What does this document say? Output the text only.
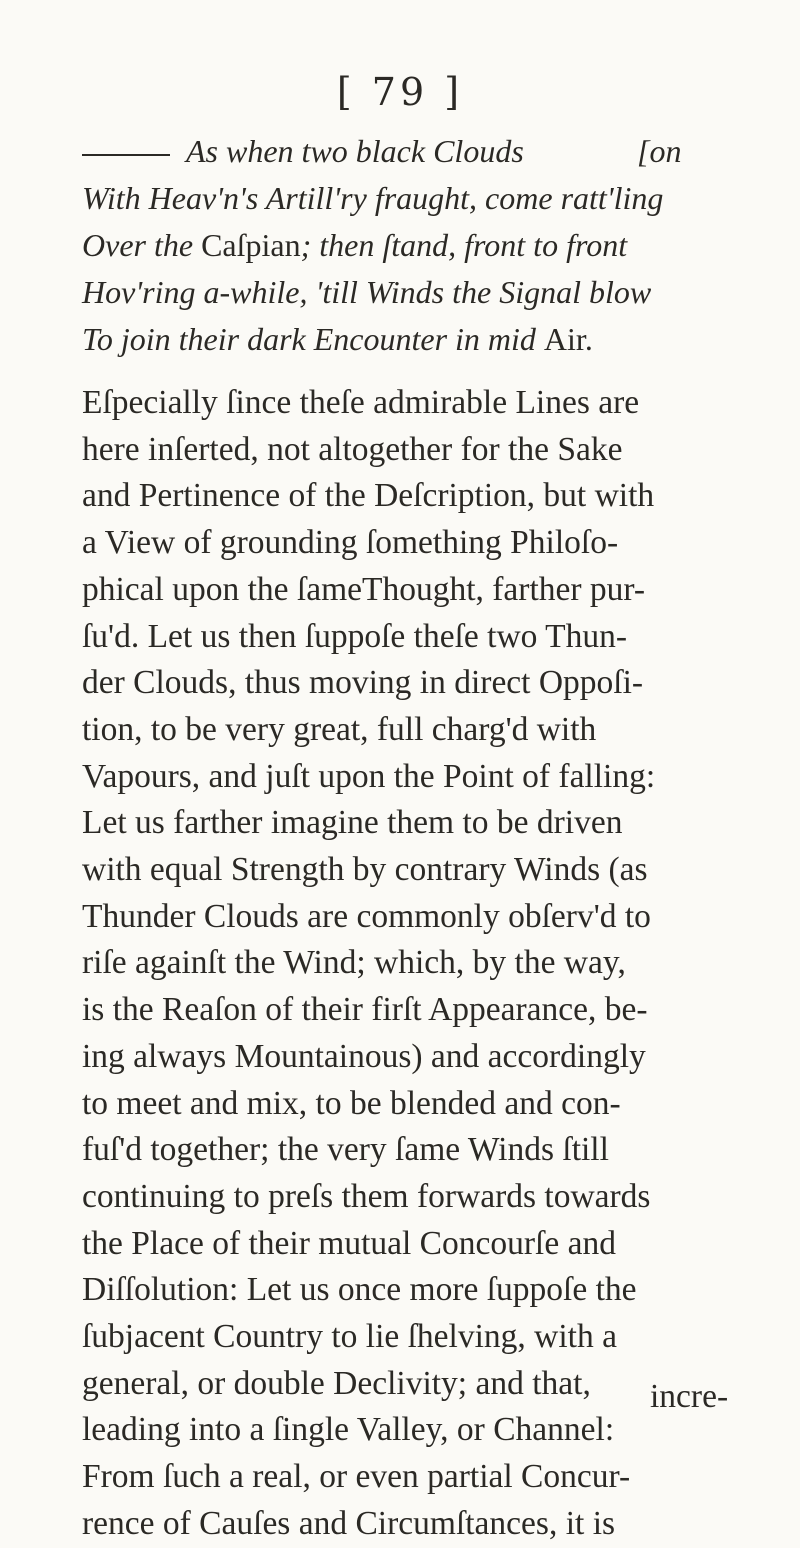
[ 79 ]
As when two black Clouds	[on
With Heav'n's Artill'ry fraught, come ratt'ling
Over the Caſpian; then ſtand, front to front
Hov'ring a-while, 'till Winds the Signal blow
To join their dark Encounter in mid Air.
Eſpecially ſince theſe admirable Lines are
here inſerted, not altogether for the Sake
and Pertinence of the Deſcription, but with
a View of grounding ſomething Philoſo-
phical upon the ſameThought, farther pur-
ſu'd. Let us then ſuppoſe theſe two Thun-
der Clouds, thus moving in direct Oppoſi-
tion, to be very great, full charg'd with
Vapours, and juſt upon the Point of falling:
Let us farther imagine them to be driven
with equal Strength by contrary Winds (as
Thunder Clouds are commonly obſerv'd to
riſe againſt the Wind; which, by the way,
is the Reaſon of their firſt Appearance, be-
ing always Mountainous) and accordingly
to meet and mix, to be blended and con-
fuſ'd together; the very ſame Winds ſtill
continuing to preſs them forwards towards
the Place of their mutual Concourſe and
Diſſolution: Let us once more ſuppoſe the
ſubjacent Country to lie ſhelving, with a
general, or double Declivity; and that,
leading into a ſingle Valley, or Channel:
From ſuch a real, or even partial Concur-
rence of Cauſes and Circumſtances, it is
incre-
